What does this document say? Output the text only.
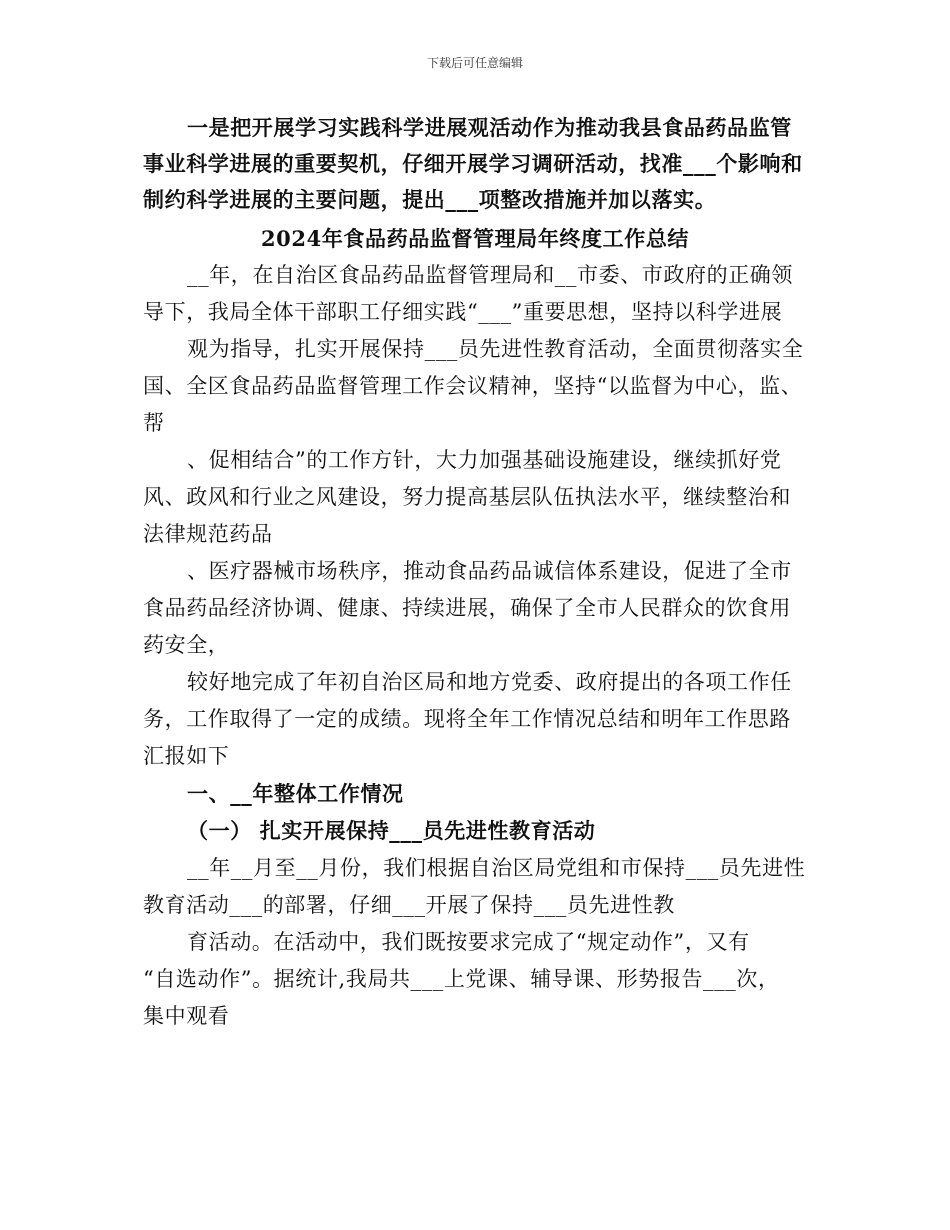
下载后可任意编辑
一是把开展学习实践科学进展观活动作为推动我县食品药品监管
事业科学进展的重要契机，仔细开展学习调研活动，找准___个影响和
制约科学进展的主要问题，提出___项整改措施并加以落实。
2024年食品药品监督管理局年终度工作总结
__年，在自治区食品药品监督管理局和__市委、市政府的正确领
导下，我局全体干部职工仔细实践“___”重要思想，坚持以科学进展
观为指导，扎实开展保持___员先进性教育活动，全面贯彻落实全
国、全区食品药品监督管理工作会议精神，坚持“以监督为中心，监、
帮
、促相结合”的工作方针，大力加强基础设施建设，继续抓好党
风、政风和行业之风建设，努力提高基层队伍执法水平，继续整治和
法律规范药品
、医疗器械市场秩序，推动食品药品诚信体系建设，促进了全市
食品药品经济协调、健康、持续进展，确保了全市人民群众的饮食用
药安全，
较好地完成了年初自治区局和地方党委、政府提出的各项工作任
务，工作取得了一定的成绩。现将全年工作情况总结和明年工作思路
汇报如下
一、__年整体工作情况
（一） 扎实开展保持___员先进性教育活动
__年__月至__月份，我们根据自治区局党组和市保持___员先进性
教育活动___的部署，仔细___开展了保持___员先进性教
育活动。在活动中，我们既按要求完成了“规定动作”，又有
“自选动作”。据统计,我局共___上党课、辅导课、形势报告___次，
集中观看
